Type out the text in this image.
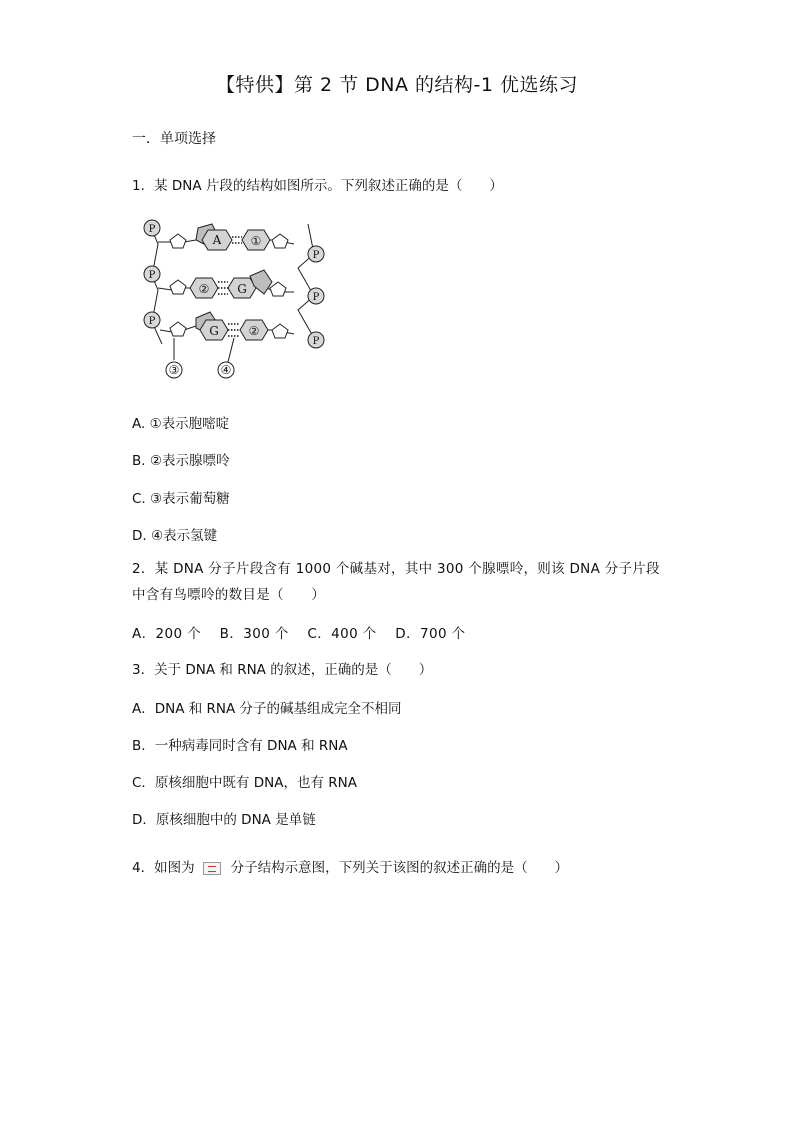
【特供】第 2 节 DNA 的结构-1 优选练习
一．单项选择
1．某 DNA 片段的结构如图所示。下列叙述正确的是（　　）
P
P
P
P
P
P
A ①
② G
G ②
③	④
A. ①表示胞嘧啶
B. ②表示腺嘌呤
C. ③表示葡萄糖
D. ④表示氢键
2．某 DNA 分子片段含有 1000 个碱基对，其中 300 个腺嘌呤，则该 DNA 分子片段中含有鸟嘌呤的数目是（　　）
A．200 个　 B．300 个　 C．400 个　 D．700 个
3．关于 DNA 和 RNA 的叙述，正确的是（　　）
A．DNA 和 RNA 分子的碱基组成完全不相同
B．一种病毒同时含有 DNA 和 RNA
C．原核细胞中既有 DNA，也有 RNA
D．原核细胞中的 DNA 是单链
4．如图为	分子结构示意图，下列关于该图的叙述正确的是（　　）
